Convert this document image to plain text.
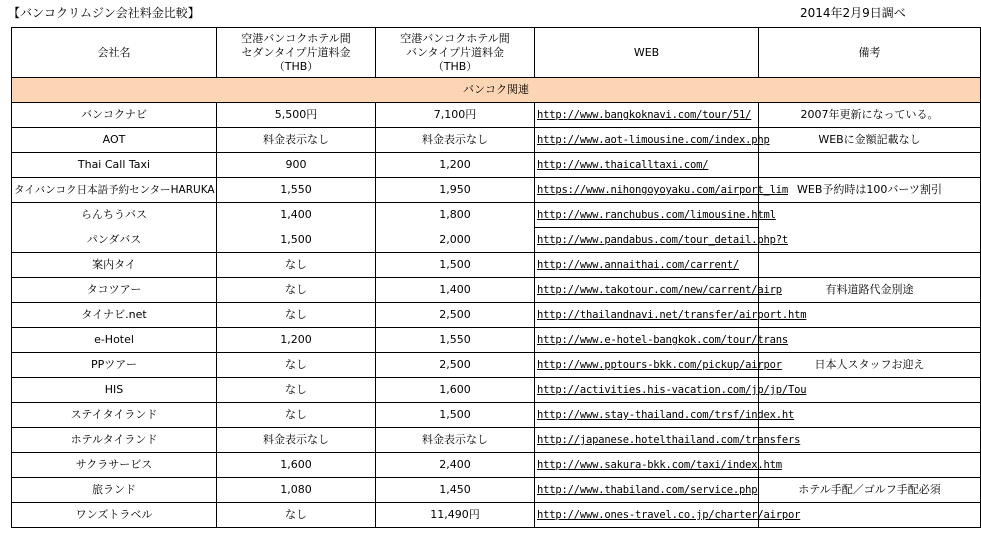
【バンコクリムジン会社料金比較】	2014年2月9日調べ
会社名	空港バンコクホテル間
セダンタイプ片道料金
（THB）	空港バンコクホテル間
バンタイプ片道料金
（THB）	WEB	備考
バンコク関連				
バンコクナビ	5,500円	7,100円	http://www.bangkoknavi.com/tour/51/	2007年更新になっている。
AOT	料金表示なし	料金表示なし	http://www.aot-limousine.com/index.php	WEBに金額記載なし
Thai Call Taxi	900	1,200	http://www.thaicalltaxi.com/	
タイバンコク日本語予約センターHARUKA	1,550	1,950	https://www.nihongoyoyaku.com/airport_lim	WEB予約時は100バーツ割引
らんちうバス	1,400	1,800	http://www.ranchubus.com/limousine.html	
パンダバス	1,500	2,000	http://www.pandabus.com/tour_detail.php?t	
案内タイ	なし	1,500	http://www.annaithai.com/carrent/	
タコツアー	なし	1,400	http://www.takotour.com/new/carrent/airp	有料道路代金別途
タイナビ.net	なし	2,500	http://thailandnavi.net/transfer/airport.htm	
e-Hotel	1,200	1,550	http://www.e-hotel-bangkok.com/tour/trans	
PPツアー	なし	2,500	http://www.pptours-bkk.com/pickup/airpor	日本人スタッフお迎え
HIS	なし	1,600	http://activities.his-vacation.com/jp/jp/Tou	
ステイタイランド	なし	1,500	http://www.stay-thailand.com/trsf/index.ht	
ホテルタイランド	料金表示なし	料金表示なし	http://japanese.hotelthailand.com/transfers	
サクラサービス	1,600	2,400	http://www.sakura-bkk.com/taxi/index.htm	
旅ランド	1,080	1,450	http://www.thabiland.com/service.php	ホテル手配／ゴルフ手配必須
ワンズトラベル	なし	11,490円	http://www.ones-travel.co.jp/charter/airpor	
